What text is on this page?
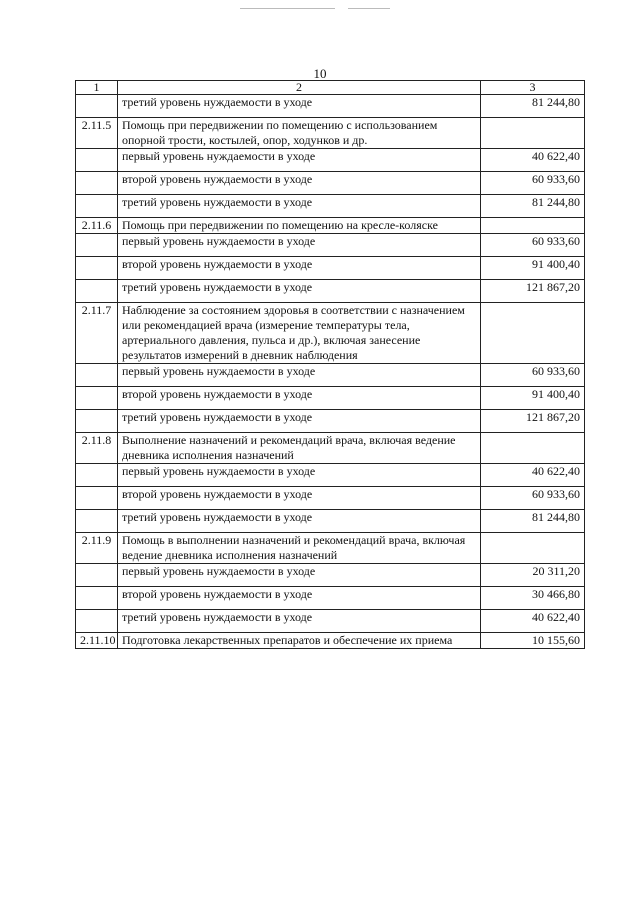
10
1	2	3
	третий уровень нуждаемости в уходе	81 244,80
2.11.5	Помощь при передвижении по помещению с использованием опорной трости, костылей, опор, ходунков и др.	
	первый уровень нуждаемости в уходе	40 622,40
	второй уровень нуждаемости в уходе	60 933,60
	третий уровень нуждаемости в уходе	81 244,80
2.11.6	Помощь при передвижении по помещению на кресле-коляске	
	первый уровень нуждаемости в уходе	60 933,60
	второй уровень нуждаемости в уходе	91 400,40
	третий уровень нуждаемости в уходе	121 867,20
2.11.7	Наблюдение за состоянием здоровья в соответствии с назначением или рекомендацией врача (измерение температуры тела, артериального давления, пульса и др.), включая занесение результатов измерений в дневник наблюдения	
	первый уровень нуждаемости в уходе	60 933,60
	второй уровень нуждаемости в уходе	91 400,40
	третий уровень нуждаемости в уходе	121 867,20
2.11.8	Выполнение назначений и рекомендаций врача, включая ведение дневника исполнения назначений	
	первый уровень нуждаемости в уходе	40 622,40
	второй уровень нуждаемости в уходе	60 933,60
	третий уровень нуждаемости в уходе	81 244,80
2.11.9	Помощь в выполнении назначений и рекомендаций врача, включая ведение дневника исполнения назначений	
	первый уровень нуждаемости в уходе	20 311,20
	второй уровень нуждаемости в уходе	30 466,80
	третий уровень нуждаемости в уходе	40 622,40
2.11.10	Подготовка лекарственных препаратов и обеспечение их приема	10 155,60
